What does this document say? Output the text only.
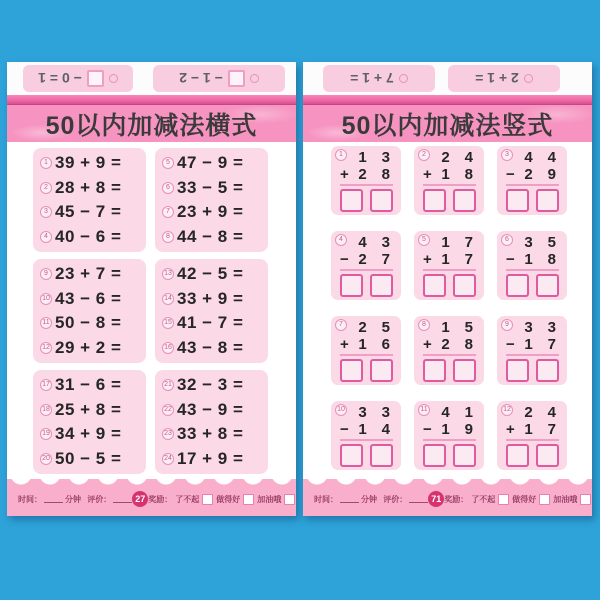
− 0 = 1	− 1 − 2
50以内加减法横式
1 39 + 9 =
2 28 + 8 =
3 45 − 7 =
4 40 − 6 =
5 47 − 9 =
6 33 − 5 =
7 23 + 9 =
8 44 − 8 =
9 23 + 7 =
10 43 − 6 =
11 50 − 8 =
12 29 + 2 =
13 42 − 5 =
14 33 + 9 =
15 41 − 7 =
16 43 − 8 =
17 31 − 6 =
18 25 + 8 =
19 34 + 9 =
20 50 − 5 =
21 32 − 3 =
22 43 − 9 =
23 33 + 8 =
24 17 + 9 =
时间：	分钟
评价：	27 奖励： 了不起 做得好 加油哦
7 + 1 =	2 + 1 =
50以内加减法竖式
1 1 3
+ 2 8
2 2 4
+ 1 8
3 4 4
− 2 9
4 4 3
− 2 7
5 1 7
+ 1 7
6 3 5
− 1 8
7 2 5
+ 1 6
8 1 5
+ 2 8
9 3 3
− 1 7
10 3 3
− 1 4
11 4 1
− 1 9
12 2 4
+ 1 7
时间：	分钟
评价：	71 奖励： 了不起 做得好 加油哦
